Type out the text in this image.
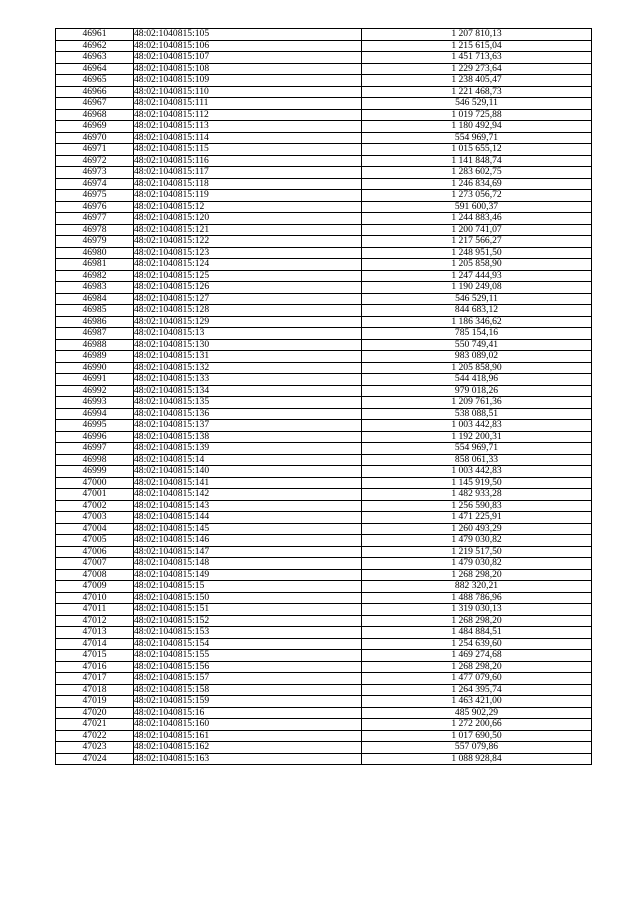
46961	48:02:1040815:105	1 207 810,13
46962	48:02:1040815:106	1 215 615,04
46963	48:02:1040815:107	1 451 713,63
46964	48:02:1040815:108	1 229 273,64
46965	48:02:1040815:109	1 238 405,47
46966	48:02:1040815:110	1 221 468,73
46967	48:02:1040815:111	546 529,11
46968	48:02:1040815:112	1 019 725,88
46969	48:02:1040815:113	1 180 492,94
46970	48:02:1040815:114	554 969,71
46971	48:02:1040815:115	1 015 655,12
46972	48:02:1040815:116	1 141 848,74
46973	48:02:1040815:117	1 283 602,75
46974	48:02:1040815:118	1 246 834,69
46975	48:02:1040815:119	1 273 056,72
46976	48:02:1040815:12	591 600,37
46977	48:02:1040815:120	1 244 883,46
46978	48:02:1040815:121	1 200 741,07
46979	48:02:1040815:122	1 217 566,27
46980	48:02:1040815:123	1 248 951,50
46981	48:02:1040815:124	1 205 858,90
46982	48:02:1040815:125	1 247 444,93
46983	48:02:1040815:126	1 190 249,08
46984	48:02:1040815:127	546 529,11
46985	48:02:1040815:128	844 683,12
46986	48:02:1040815:129	1 186 346,62
46987	48:02:1040815:13	785 154,16
46988	48:02:1040815:130	550 749,41
46989	48:02:1040815:131	983 089,02
46990	48:02:1040815:132	1 205 858,90
46991	48:02:1040815:133	544 418,96
46992	48:02:1040815:134	979 018,26
46993	48:02:1040815:135	1 209 761,36
46994	48:02:1040815:136	538 088,51
46995	48:02:1040815:137	1 003 442,83
46996	48:02:1040815:138	1 192 200,31
46997	48:02:1040815:139	554 969,71
46998	48:02:1040815:14	858 061,33
46999	48:02:1040815:140	1 003 442,83
47000	48:02:1040815:141	1 145 919,50
47001	48:02:1040815:142	1 482 933,28
47002	48:02:1040815:143	1 256 590,83
47003	48:02:1040815:144	1 471 225,91
47004	48:02:1040815:145	1 260 493,29
47005	48:02:1040815:146	1 479 030,82
47006	48:02:1040815:147	1 219 517,50
47007	48:02:1040815:148	1 479 030,82
47008	48:02:1040815:149	1 268 298,20
47009	48:02:1040815:15	882 320,21
47010	48:02:1040815:150	1 488 786,96
47011	48:02:1040815:151	1 319 030,13
47012	48:02:1040815:152	1 268 298,20
47013	48:02:1040815:153	1 484 884,51
47014	48:02:1040815:154	1 254 639,60
47015	48:02:1040815:155	1 469 274,68
47016	48:02:1040815:156	1 268 298,20
47017	48:02:1040815:157	1 477 079,60
47018	48:02:1040815:158	1 264 395,74
47019	48:02:1040815:159	1 463 421,00
47020	48:02:1040815:16	485 902,29
47021	48:02:1040815:160	1 272 200,66
47022	48:02:1040815:161	1 017 690,50
47023	48:02:1040815:162	557 079,86
47024	48:02:1040815:163	1 088 928,84
